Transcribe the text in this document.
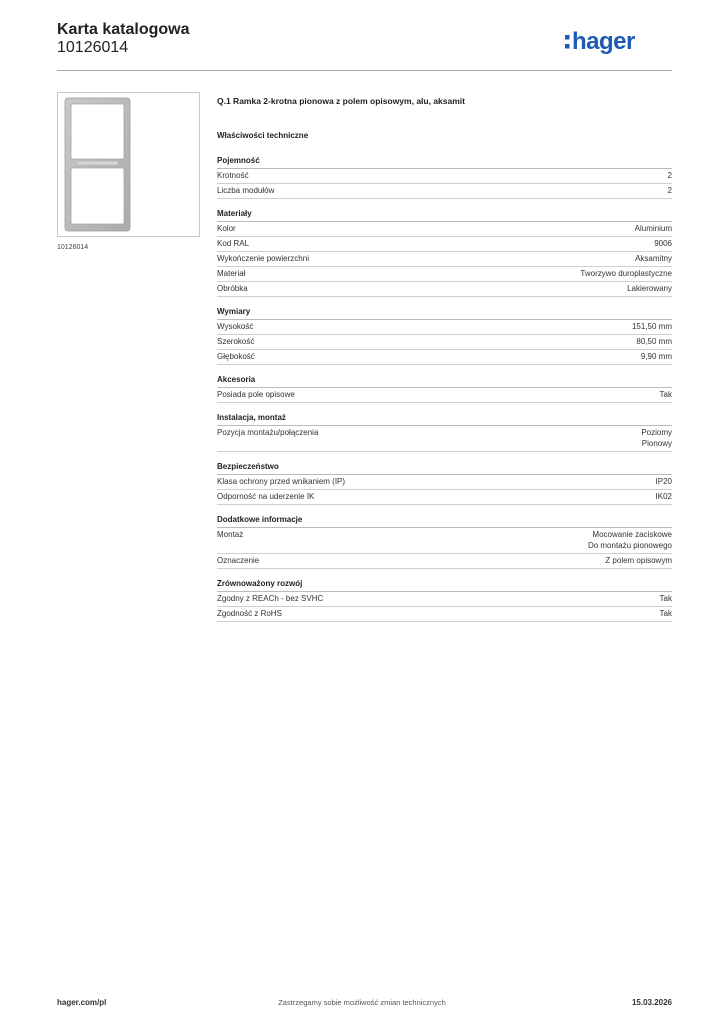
Karta katalogowa
10126014	hager
10126014
Q.1 Ramka 2-krotna pionowa z polem opisowym, alu, aksamit
Właściwości techniczne
Pojemność
Krotność	2
Liczba modułów	2
Materiały
Kolor	Aluminium
Kod RAL	9006
Wykończenie powierzchni	Aksamitny
Materiał	Tworzywo duroplastyczne
Obróbka	Lakierowany
Wymiary
Wysokość	151,50 mm
Szerokość	80,50 mm
Głębokość	9,90 mm
Akcesoria
Posiada pole opisowe	Tak
Instalacja, montaż
Pozycja montażu/połączenia	Poziomy
Pionowy
Bezpieczeństwo
Klasa ochrony przed wnikaniem (IP)	IP20
Odporność na uderzenie IK	IK02
Dodatkowe informacje
Montaż	Mocowanie zaciskowe
Do montażu pionowego
Oznaczenie	Z polem opisowym
Zrównoważony rozwój
Zgodny z REACh - bez SVHC	Tak
Zgodność z RoHS	Tak
hager.com/pl	Zastrzegamy sobie możliwość zmian technicznych	15.03.2026
